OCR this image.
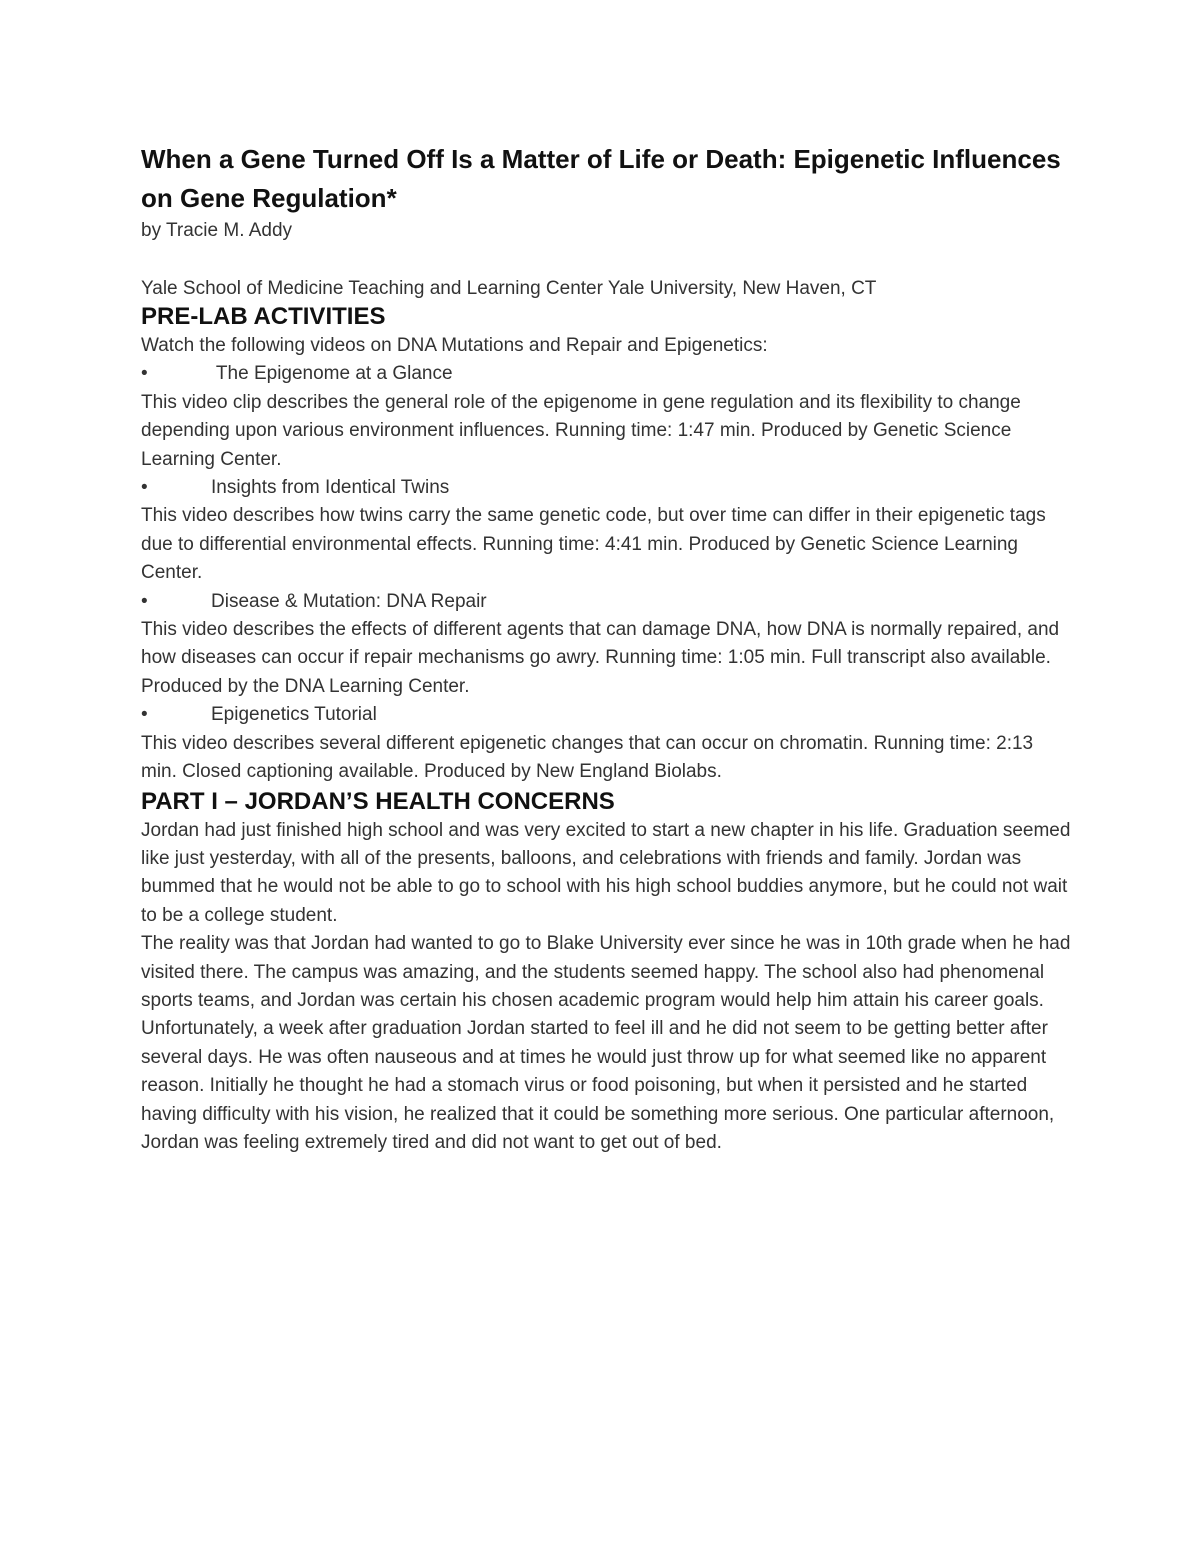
When a Gene Turned Off Is a Matter of Life or Death: Epigenetic Influences on Gene Regulation*

by Tracie M. Addy

Yale School of Medicine Teaching and Learning Center Yale University, New Haven, CT

PRE-LAB ACTIVITIES

Watch the following videos on DNA Mutations and Repair and Epigenetics:

•	The Epigenome at a Glance

This video clip describes the general role of the epigenome in gene regulation and its flexibility to change depending upon various environment influences. Running time: 1:47 min. Produced by Genetic Science Learning Center.

•	Insights from Identical Twins

This video describes how twins carry the same genetic code, but over time can differ in their epigenetic tags due to differential environmental effects. Running time: 4:41 min. Produced by Genetic Science Learning Center.

•	Disease & Mutation: DNA Repair

This video describes the effects of different agents that can damage DNA, how DNA is normally repaired, and how diseases can occur if repair mechanisms go awry. Running time: 1:05 min. Full transcript also available. Produced by the DNA Learning Center.

•	Epigenetics Tutorial

This video describes several different epigenetic changes that can occur on chromatin. Running time: 2:13 min. Closed captioning available. Produced by New England Biolabs.

PART I – JORDAN’S HEALTH CONCERNS

Jordan had just finished high school and was very excited to start a new chapter in his life. Graduation seemed like just yesterday, with all of the presents, balloons, and celebrations with friends and family. Jordan was bummed that he would not be able to go to school with his high school buddies anymore, but he could not wait to be a college student.

The reality was that Jordan had wanted to go to Blake University ever since he was in 10th grade when he had visited there. The campus was amazing, and the students seemed happy. The school also had phenomenal sports teams, and Jordan was certain his chosen academic program would help him attain his career goals.

Unfortunately, a week after graduation Jordan started to feel ill and he did not seem to be getting better after several days. He was often nauseous and at times he would just throw up for what seemed like no apparent reason. Initially he thought he had a stomach virus or food poisoning, but when it persisted and he started having difficulty with his vision, he realized that it could be something more serious. One particular afternoon, Jordan was feeling extremely tired and did not want to get out of bed.
